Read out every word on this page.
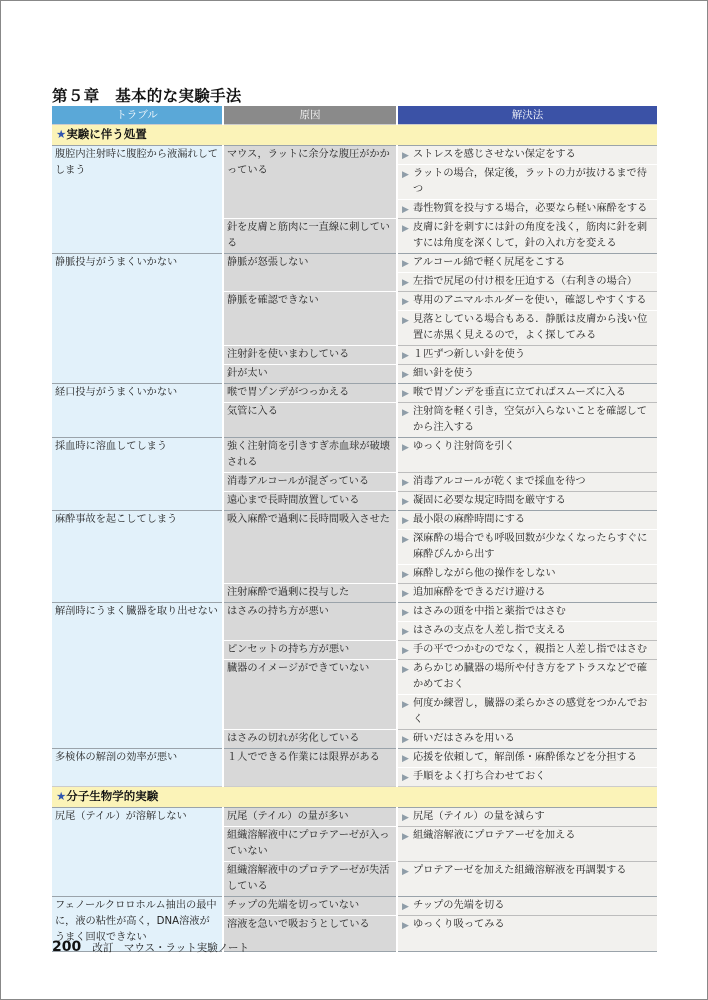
第５章　基本的な実験手法
トラブル	原因	解決法
★実験に伴う処置		
腹腔内注射時に腹腔から液漏れしてしまう	マウス，ラットに余分な腹圧がかかっている	▶ ストレスを感じさせない保定をする

		▶ ラットの場合，保定後，ラットの力が抜けるまで待つ

		▶ 毒性物質を投与する場合，必要なら軽い麻酔をする
	針を皮膚と筋肉に一直線に刺している	▶ 皮膚に針を刺すには針の角度を浅く，筋肉に針を刺すには角度を深くして，針の入れ方を変える
静脈投与がうまくいかない	静脈が怒張しない	▶ アルコール綿で軽く尻尾をこする

		▶ 左指で尻尾の付け根を圧迫する（右利きの場合）
	静脈を確認できない	▶ 専用のアニマルホルダーを使い，確認しやすくする

		▶ 見落としている場合もある．静脈は皮膚から浅い位置に赤黒く見えるので，よく探してみる
	注射針を使いまわしている	▶ １匹ずつ新しい針を使う
	針が太い	▶ 細い針を使う
経口投与がうまくいかない	喉で胃ゾンデがつっかえる	▶ 喉で胃ゾンデを垂直に立てればスムーズに入る
	気管に入る	▶ 注射筒を軽く引き，空気が入らないことを確認してから注入する
採血時に溶血してしまう	強く注射筒を引きすぎ赤血球が破壊される	▶ ゆっくり注射筒を引く
	消毒アルコールが混ざっている	▶ 消毒アルコールが乾くまで採血を待つ
	遠心まで長時間放置している	▶ 凝固に必要な規定時間を厳守する
麻酔事故を起こしてしまう	吸入麻酔で過剰に長時間吸入させた	▶ 最小限の麻酔時間にする

		▶ 深麻酔の場合でも呼吸回数が少なくなったらすぐに麻酔ぴんから出す

		▶ 麻酔しながら他の操作をしない
	注射麻酔で過剰に投与した	▶ 追加麻酔をできるだけ避ける
解剖時にうまく臓器を取り出せない	はさみの持ち方が悪い	▶ はさみの頭を中指と薬指ではさむ

		▶ はさみの支点を人差し指で支える
	ピンセットの持ち方が悪い	▶ 手の平でつかむのでなく，親指と人差し指ではさむ
	臓器のイメージができていない	▶ あらかじめ臓器の場所や付き方をアトラスなどで確かめておく

		▶ 何度か練習し，臓器の柔らかさの感覚をつかんでおく
	はさみの切れが劣化している	▶ 研いだはさみを用いる
多検体の解剖の効率が悪い	１人でできる作業には限界がある	▶ 応援を依頼して，解剖係・麻酔係などを分担する

		▶ 手順をよく打ち合わせておく
★分子生物学的実験		
尻尾（テイル）が溶解しない	尻尾（テイル）の量が多い	▶ 尻尾（テイル）の量を減らす
	組織溶解液中にプロテアーゼが入っていない	▶ 組織溶解液にプロテアーゼを加える
	組織溶解液中のプロテアーゼが失活している	▶ プロテアーゼを加えた組織溶解液を再調製する
フェノールクロロホルム抽出の最中に，液の粘性が高く，DNA溶液がうまく回収できない	チップの先端を切っていない	▶ チップの先端を切る
	溶液を急いで吸おうとしている	▶ ゆっくり吸ってみる
200 改訂　マウス・ラット実験ノート
